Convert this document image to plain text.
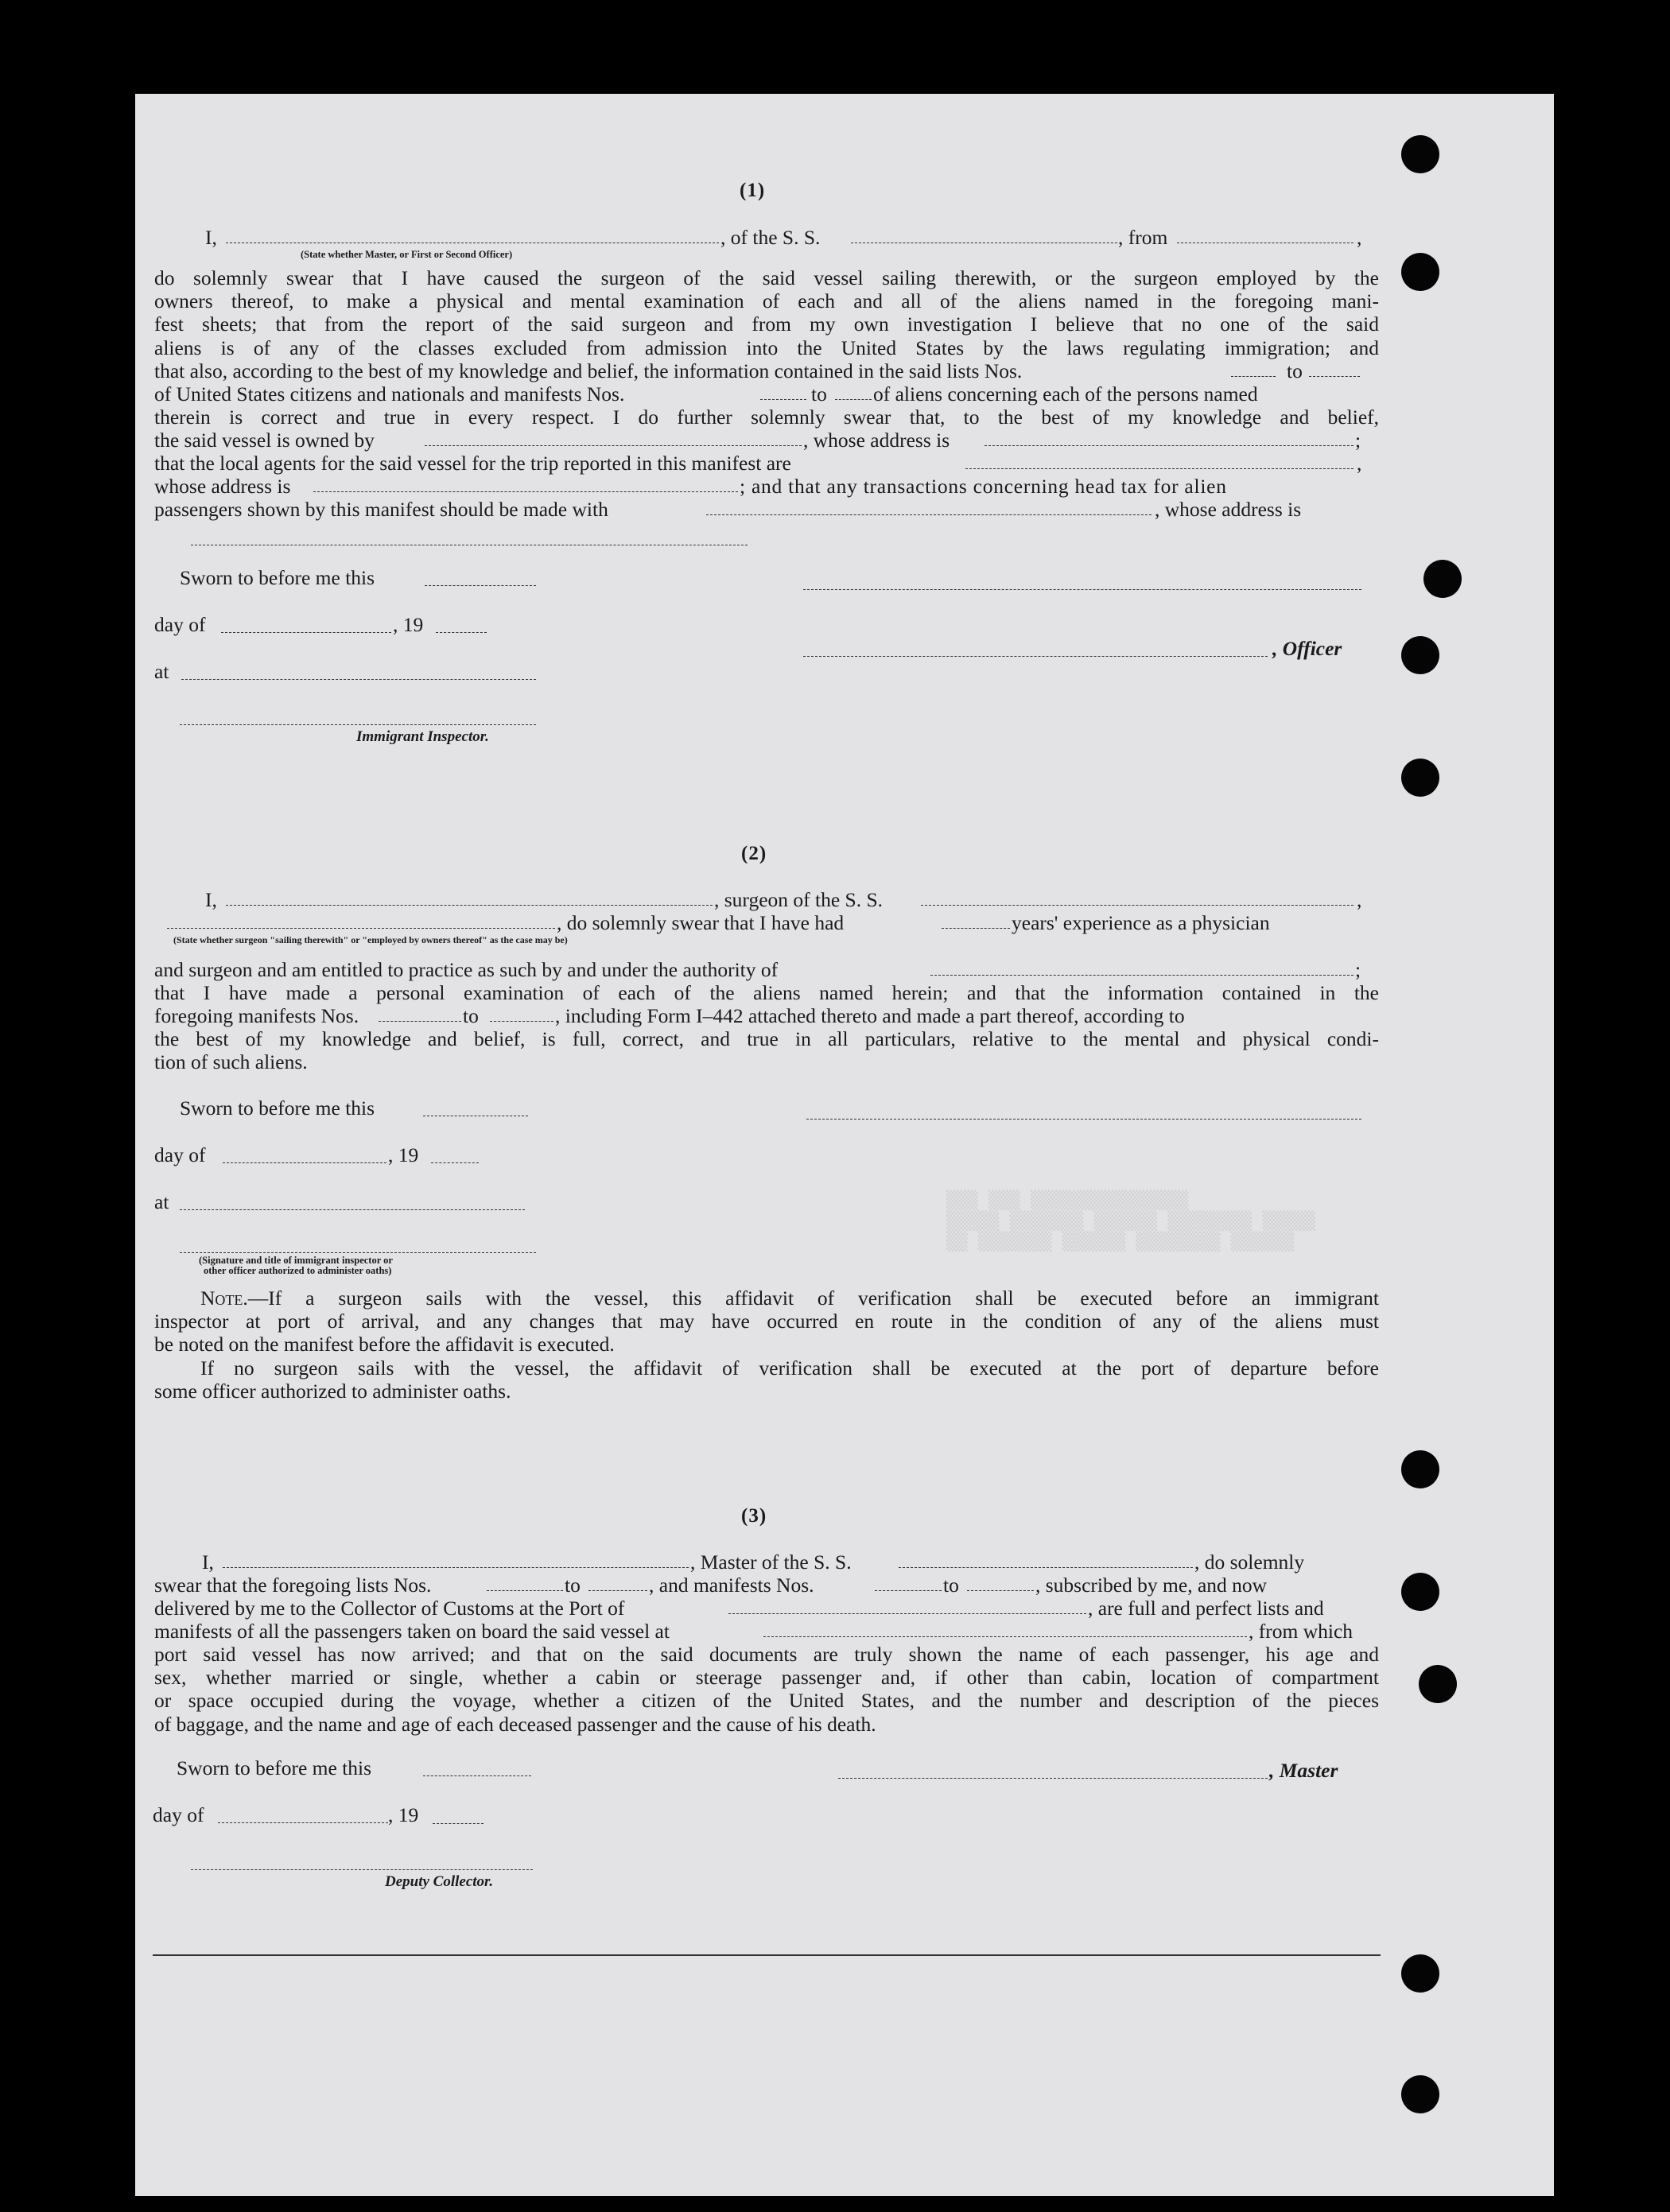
▒▒▒ ▒▒▒ ▒▒▒▒▒▒▒▒▒▒▒▒▒▒▒
▒▒▒▒▒ ▒▒▒▒▒▒▒ ▒▒▒▒▒▒ ▒▒▒▒▒▒▒▒ ▒▒▒▒▒
▒▒ ▒▒▒▒▒▒▒ ▒▒▒▒▒▒ ▒▒▒▒▒▒▒▒ ▒▒▒▒▒▒
(1)
I,	, of the S. S.	, from	,
(State whether Master, or First or Second Officer)
do solemnly swear that I have caused the surgeon of the said vessel sailing therewith, or the surgeon employed by the
owners thereof, to make a physical and mental examination of each and all of the aliens named in the foregoing mani-
fest sheets; that from the report of the said surgeon and from my own investigation I believe that no one of the said
aliens is of any of the classes excluded from admission into the United States by the laws regulating immigration; and
that also, according to the best of my knowledge and belief, the information contained in the said lists Nos.	to
of United States citizens and nationals and manifests Nos.	to of aliens concerning each of the persons named
therein is correct and true in every respect. I do further solemnly swear that, to the best of my knowledge and belief,
the said vessel is owned by	, whose address is	;
that the local agents for the said vessel for the trip reported in this manifest are	,
whose address is	; and that any transactions concerning head tax for alien
passengers shown by this manifest should be made with	, whose address is
Sworn to before me this
day of	, 19
, Officer
at
Immigrant Inspector.
(2)
I,	, surgeon of the S. S.	,
, do solemnly swear that I have had	years' experience as a physician
(State whether surgeon "sailing therewith" or "employed by owners thereof" as the case may be)
and surgeon and am entitled to practice as such by and under the authority of	;
that I have made a personal examination of each of the aliens named herein; and that the information contained in the
foregoing manifests Nos.	to	, including Form I–442 attached thereto and made a part thereof, according to
the best of my knowledge and belief, is full, correct, and true in all particulars, relative to the mental and physical condi-
tion of such aliens.
Sworn to before me this
day of	, 19
at
(Signature and title of immigrant inspector or
other officer authorized to administer oaths)
Note.—If a surgeon sails with the vessel, this affidavit of verification shall be executed before an immigrant
inspector at port of arrival, and any changes that may have occurred en route in the condition of any of the aliens must
be noted on the manifest before the affidavit is executed.
If no surgeon sails with the vessel, the affidavit of verification shall be executed at the port of departure before
some officer authorized to administer oaths.
(3)
I,	, Master of the S. S.	, do solemnly
swear that the foregoing lists Nos.	to	, and manifests Nos.	to	, subscribed by me, and now
delivered by me to the Collector of Customs at the Port of	, are full and perfect lists and
manifests of all the passengers taken on board the said vessel at	, from which
port said vessel has now arrived; and that on the said documents are truly shown the name of each passenger, his age and
sex, whether married or single, whether a cabin or steerage passenger and, if other than cabin, location of compartment
or space occupied during the voyage, whether a citizen of the United States, and the number and description of the pieces
of baggage, and the name and age of each deceased passenger and the cause of his death.
Sworn to before me this	, Master
day of	, 19
Deputy Collector.
